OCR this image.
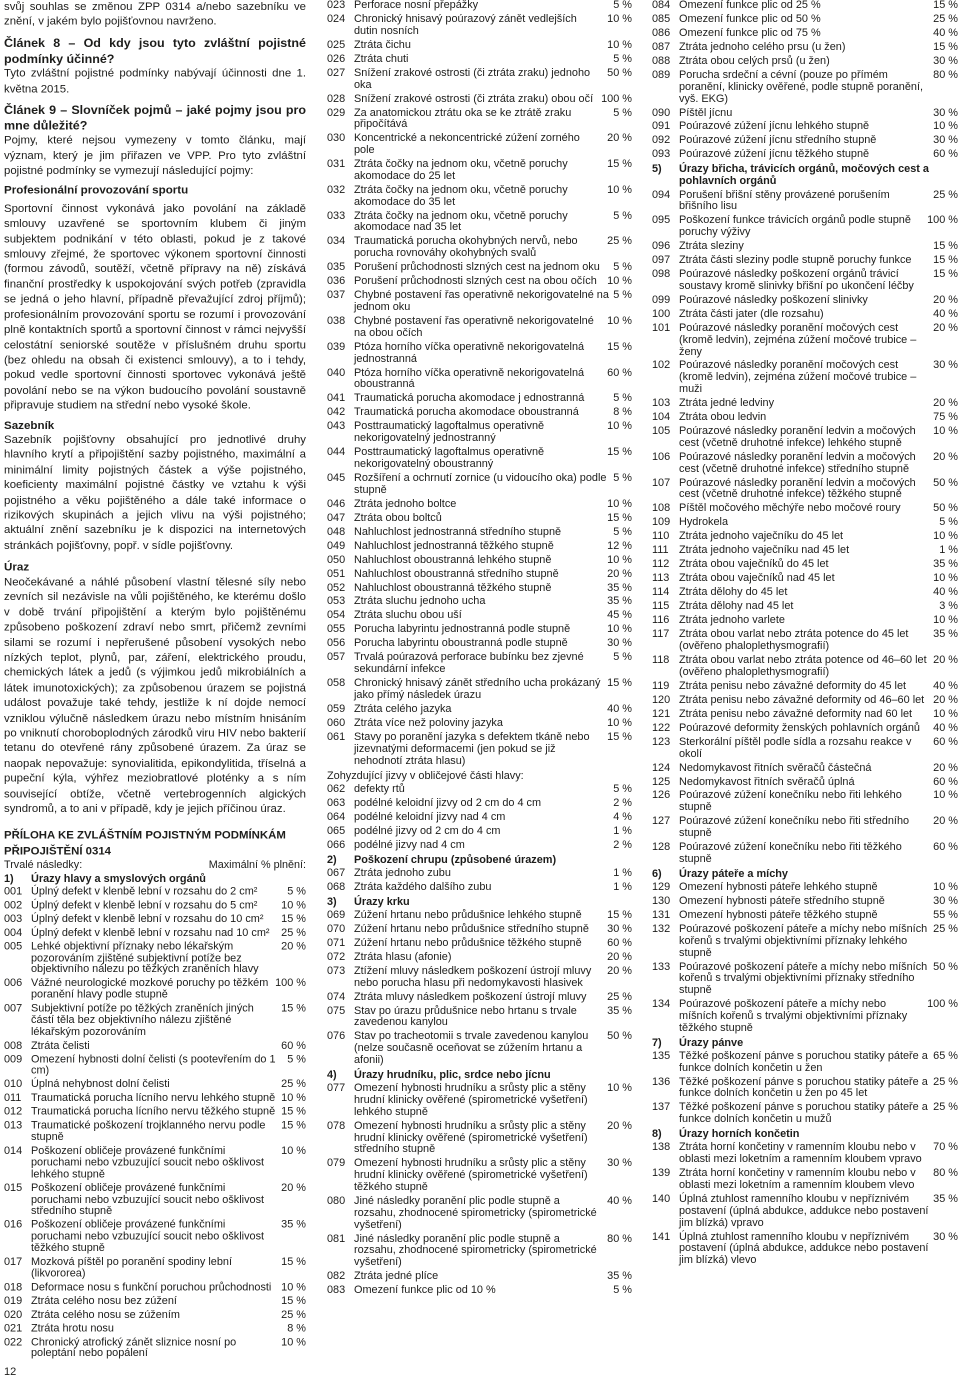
svůj souhlas se změnou ZPP 0314 a/nebo sazebníku ve znění, v jakém bylo pojišťovnou navrženo.

Článek 8 – Od kdy jsou tyto zvláštní pojistné podmínky účinné?

Tyto zvláštní pojistné podmínky nabývají účinnosti dne 1. května 2015.

Článek 9 – Slovníček pojmů – jaké pojmy jsou pro mne důležité?

Pojmy, které nejsou vymezeny v tomto článku, mají význam, který je jim přiřazen ve VPP. Pro tyto zvláštní pojistné podmínky se vymezují následující pojmy:

Profesionální provozování sportu

Sportovní činnost vykonává jako povolání na základě smlouvy uzavřené se sportovním klubem či jiným subjektem podnikání v této oblasti, pokud je z takové smlouvy zřejmé, že sportovec výkonem sportovní činnosti (formou závodů, soutěží, včetně přípravy na ně) získává finanční prostředky k uspokojování svých potřeb (zpravidla se jedná o jeho hlavní, případně převažující zdroj příjmů); profesionálním provozování sportu se rozumí i provozování plně kontaktních sportů a sportovní činnost v rámci nejvyšší celostátní seniorské soutěže v příslušném druhu sportu (bez ohledu na obsah či existenci smlouvy), a to i tehdy, pokud vedle sportovní činnosti sportovec vykonává ještě povolání nebo se na výkon budoucího povolání soustavně připravuje studiem na střední nebo vysoké škole.

Sazebník

Sazebník pojišťovny obsahující pro jednotlivé druhy hlavního krytí a připojištění sazby pojistného, maximální a minimální limity pojistných částek a výše pojistného, koeficienty maximální pojistné částky ve vztahu k výši pojistného a věku pojištěného a dále také informace o rizikových skupinách a jejich vlivu na výši pojistného; aktuální znění sazebníku je k dispozici na internetových stránkách pojišťovny, popř. v sídle pojišťovny.

Úraz

Neočekávané a náhlé působení vlastní tělesné síly nebo zevních sil nezávisle na vůli pojištěného, ke kterému došlo v době trvání připojištění a kterým bylo pojištěnému způsobeno poškození zdraví nebo smrt, přičemž zevními silami se rozumí i nepřerušené působení vysokých nebo nízkých teplot, plynů, par, záření, elektrického proudu, chemických látek a jedů (s výjimkou jedů mikrobiálních a látek imunotoxických); za způsobenou úrazem se pojistná událost považuje také tehdy, jestliže k ní dojde nemocí vzniklou výlučně následkem úrazu nebo místním hnisáním po vniknutí choroboplodných zárodků viru HIV nebo bakterií tetanu do otevřené rány způsobené úrazem. Za úraz se naopak nepovažuje: synovialitida, epikondylitida, tříselná a pupeční kýla, výhřez meziobratlové ploténky a s ním související obtíže, včetně vertebrogenních algických syndromů, a to ani v případě, kdy je jejich příčinou úraz.

PŘÍLOHA KE ZVLÁŠTNÍM POJISTNÝM PODMÍNKÁM

PŘIPOJIŠTĚNÍ 0314

Trvalé následky:	Maximální % plnění:
1)	Úrazy hlavy a smyslových orgánů
001 Úplný defekt v klenbě lební v rozsahu do 2 cm²	5 %
002 Úplný defekt v klenbě lební v rozsahu do 5 cm²	10 %
003 Úplný defekt v klenbě lební v rozsahu do 10 cm²	15 %
004 Úplný defekt v klenbě lební v rozsahu nad 10 cm²	25 %
005 Lehké objektivní příznaky nebo lékařským pozorováním zjištěné subjektivní potíže bez objektivního nálezu po těžkých zraněních hlavy
20 %
006 Vážné neurologické mozkové poruchy po těžkém poranění hlavy podle stupně
100 %
007 Subjektivní potíže po těžkých zraněních jiných částí těla bez objektivního nálezu zjištěné lékařským pozorováním
15 %
008 Ztráta čelisti	60 %
009 Omezení hybnosti dolní čelisti (s pootevřením do 1 cm)
5 %
010 Úplná nehybnost dolní čelisti	25 %
011 Traumatická porucha lícního nervu lehkého stupně 10 %
012 Traumatická porucha lícního nervu těžkého stupně 15 %
013 Traumatické poškození trojklanného nervu podle stupně
15 %
014 Poškození obličeje provázené funkčními poruchami nebo vzbuzující soucit nebo ošklivost lehkého stupně
10 %
015 Poškození obličeje provázené funkčními poruchami nebo vzbuzující soucit nebo ošklivost středního stupně
20 %
016 Poškození obličeje provázené funkčními poruchami nebo vzbuzující soucit nebo ošklivost těžkého stupně
35 %
017 Mozková píštěl po poranění spodiny lební (likvororea)
15 %
018 Deformace nosu s funkční poruchou průchodnosti 10 %
019 Ztráta celého nosu bez zúžení	15 %
020 Ztráta celého nosu se zúžením	25 %
021 Ztráta hrotu nosu	8 %
022 Chronický atrofický zánět sliznice nosní po poleptání nebo popálení
10 %
023 Perforace nosní přepážky	5 %
024 Chronický hnisavý poúrazový zánět vedlejších dutin nosních
10 %
025 Ztráta čichu	10 %
026 Ztráta chuti	5 %
027 Snížení zrakové ostrosti (či ztráta zraku) jednoho oka
50 %
028 Snížení zrakové ostrosti (či ztráta zraku) obou očí 100 %
029 Za anatomickou ztrátu oka se ke ztrátě zraku připočítává
5 %
030 Koncentrické a nekoncentrické zúžení zorného pole
20 %
031 Ztráta čočky na jednom oku, včetně poruchy akomodace do 25 let
15 %
032 Ztráta čočky na jednom oku, včetně poruchy akomodace do 35 let
10 %
033 Ztráta čočky na jednom oku, včetně poruchy akomodace nad 35 let
5 %
034 Traumatická porucha okohybných nervů, nebo porucha rovnováhy okohybných svalů
25 %
035 Porušení průchodnosti slzných cest na jednom oku	5 %
036 Porušení průchodnosti slzných cest na obou očích 10 %
037 Chybné postavení řas operativně nekorigovatelné na jednom oku
5 %
038 Chybné postavení řas operativně nekorigovatelné na obou očích
10 %
039 Ptóza horního víčka operativně nekorigovatelná jednostranná
15 %
040 Ptóza horního víčka operativně nekorigovatelná oboustranná
60 %
041 Traumatická porucha akomodace j ednostranná	5 %
042 Traumatická porucha akomodace oboustranná	8 %
043 Posttraumatický lagoftalmus operativně nekorigovatelný jednostranný
10 %
044 Posttraumatický lagoftalmus operativně nekorigovatelný oboustranný
15 %
045 Rozšíření a ochrnutí zornice (u vidoucího oka) podle stupně
5 %
046 Ztráta jednoho boltce	10 %
047 Ztráta obou boltců	15 %
048 Nahluchlost jednostranná středního stupně	5 %
049 Nahluchlost jednostranná těžkého stupně	12 %
050 Nahluchlost oboustranná lehkého stupně	10 %
051 Nahluchlost oboustranná středního stupně	20 %
052 Nahluchlost oboustranná těžkého stupně	35 %
053 Ztráta sluchu jednoho ucha	35 %
054 Ztráta sluchu obou uší	45 %
055 Porucha labyrintu jednostranná podle stupně	10 %
056 Porucha labyrintu oboustranná podle stupně	30 %
057 Trvalá poúrazová perforace bubínku bez zjevné sekundární infekce
5 %
058 Chronický hnisavý zánět středního ucha prokázaný jako přímý následek úrazu
15 %
059 Ztráta celého jazyka	40 %
060 Ztráta více než poloviny jazyka	10 %
061 Stavy po poranění jazyka s defektem tkáně nebo jizevnatými deformacemi (jen pokud se již nehodnotí ztráta hlasu)
15 %
Zohyzdující jizvy v obličejové části hlavy:
062 defekty rtů	5 %
063 podélné keloidní jizvy od 2 cm do 4 cm	2 %
064 podélné keloidní jizvy nad 4 cm	4 %
065 podélné jizvy od 2 cm do 4 cm	1 %
066 podélné jizvy nad 4 cm	2 %
2)	Poškození chrupu (způsobené úrazem)
067 Ztráta jednoho zubu	1 %
068 Ztráta každého dalšího zubu	1 %
3)	Úrazy krku
069 Zúžení hrtanu nebo průdušnice lehkého stupně	15 %
070 Zúžení hrtanu nebo průdušnice středního stupně	30 %
071 Zúžení hrtanu nebo průdušnice těžkého stupně	60 %
072 Ztráta hlasu (afonie)	20 %
073 Ztížení mluvy následkem poškození ústrojí mluvy nebo porucha hlasu při nedomykavosti hlasivek
20 %
074 Ztráta mluvy následkem poškození ústrojí mluvy	25 %
075 Stav po úrazu průdušnice nebo hrtanu s trvale zavedenou kanylou
35 %
076 Stav po tracheotomii s trvale zavedenou kanylou (nelze současně oceňovat se zúžením hrtanu a afonii)
50 %
4)	Úrazy hrudníku, plic, srdce nebo jícnu
077 Omezení hybnosti hrudníku a srůsty plic a stěny hrudní klinicky ověřené (spirometrické vyšetření) lehkého stupně
10 %
078 Omezení hybnosti hrudníku a srůsty plic a stěny hrudní klinicky ověřené (spirometrické vyšetření) středního stupně
20 %
079 Omezení hybnosti hrudníku a srůsty plic a stěny hrudní klinicky ověřené (spirometrické vyšetření) těžkého stupně
30 %
080 Jiné následky poranění plic podle stupně a rozsahu, zhodnocené spirometricky (spirometrické vyšetření)
40 %
081 Jiné následky poranění plic podle stupně a rozsahu, zhodnocené spirometricky (spirometrické vyšetření)
80 %
082 Ztráta jedné plíce	35 %
083 Omezení funkce plic od 10 %	5 %
084 Omezení funkce plic od 25 %	15 %
085 Omezení funkce plic od 50 %	25 %
086 Omezení funkce plic od 75 %	40 %
087 Ztráta jednoho celého prsu (u žen)	15 %
088 Ztráta obou celých prsů (u žen)	30 %
089 Porucha srdeční a cévní (pouze po přímém poranění, klinicky ověřené, podle stupně poranění, vyš. EKG)
80 %
090 Píštěl jícnu	30 %
091 Poúrazové zúžení jícnu lehkého stupně	10 %
092 Poúrazové zúžení jícnu středního stupně	30 %
093 Poúrazové zúžení jícnu těžkého stupně	60 %
5)	Úrazy břicha, trávicích orgánů, močových cest a pohlavních orgánů
094 Porušení břišní stěny provázené porušením břišního lisu
25 %
095 Poškození funkce trávicích orgánů podle stupně poruchy výživy
100 %
096 Ztráta sleziny	15 %
097 Ztráta části sleziny podle stupně poruchy funkce	15 %
098 Poúrazové následky poškození orgánů trávicí soustavy kromě slinivky břišní po ukončení léčby
15 %
099 Poúrazové následky poškození slinivky	20 %
100 Ztráta části jater (dle rozsahu)	40 %
101 Poúrazové následky poranění močových cest (kromě ledvin), zejména zúžení močové trubice – ženy
20 %
102 Poúrazové následky poranění močových cest (kromě ledvin), zejména zúžení močové trubice – muži
30 %
103 Ztráta jedné ledviny	20 %
104 Ztráta obou ledvin	75 %
105 Poúrazové následky poranění ledvin a močových cest (včetně druhotné infekce) lehkého stupně
10 %
106 Poúrazové následky poranění ledvin a močových cest (včetně druhotné infekce) středního stupně
20 %
107 Poúrazové následky poranění ledvin a močových cest (včetně druhotné infekce) těžkého stupně
50 %
108 Píštěl močového měchýře nebo močové roury	50 %
109 Hydrokela	5 %
110 Ztráta jednoho vaječníku do 45 let	10 %
111 Ztráta jednoho vaječníku nad 45 let	1 %
112 Ztráta obou vaječníků do 45 let	35 %
113 Ztráta obou vaječníků nad 45 let	10 %
114 Ztráta dělohy do 45 let	40 %
115 Ztráta dělohy nad 45 let	3 %
116 Ztráta jednoho varlete	10 %
117 Ztráta obou varlat nebo ztráta potence do 45 let (ověřeno phaloplethysmografií)
35 %
118 Ztráta obou varlat nebo ztráta potence od 46–60 let (ověřeno phaloplethysmografií)
20 %
119 Ztráta penisu nebo závažné deformity do 45 let	40 %
120 Ztráta penisu nebo závažné deformity od 46–60 let 20 %
121 Ztráta penisu nebo závažné deformity nad 60 let	10 %
122 Poúrazové deformity ženských pohlavních orgánů	40 %
123 Sterkorální píštěl podle sídla a rozsahu reakce v okolí
60 %
124 Nedomykavost řitních svěračů částečná	20 %
125 Nedomykavost řitních svěračů úplná	60 %
126 Poúrazové zúžení konečníku nebo řiti lehkého stupně
10 %
127 Poúrazové zúžení konečníku nebo řiti středního stupně
20 %
128 Poúrazové zúžení konečníku nebo řiti těžkého stupně
60 %
6)	Úrazy páteře a míchy
129 Omezení hybnosti páteře lehkého stupně	10 %
130 Omezení hybnosti páteře středního stupně	30 %
131 Omezení hybnosti páteře těžkého stupně	55 %
132 Poúrazové poškození páteře a míchy nebo míšních kořenů s trvalými objektivními příznaky lehkého stupně
25 %
133 Poúrazové poškození páteře a míchy nebo míšních kořenů s trvalými objektivními příznaky středního stupně
50 %
134 Poúrazové poškození páteře a míchy nebo míšních kořenů s trvalými objektivními příznaky těžkého stupně
100 %
7)	Úrazy pánve
135 Těžké poškození pánve s poruchou statiky páteře a funkce dolních končetin u žen
65 %
136 Těžké poškození pánve s poruchou statiky páteře a funkce dolních končetin u žen po 45 let
25 %
137 Těžké poškození pánve s poruchou statiky páteře a funkce dolních končetin u mužů
25 %
8)	Úrazy horních končetin
138 Ztráta horní končetiny v ramenním kloubu nebo v oblasti mezi loketním a ramenním kloubem vpravo
70 %
139 Ztráta horní končetiny v ramenním kloubu nebo v oblasti mezi loketním a ramenním kloubem vlevo
80 %
140 Úplná ztuhlost ramenního kloubu v nepříznivém postavení (úplná abdukce, addukce nebo postavení jim blízká) vpravo
35 %
141 Úplná ztuhlost ramenního kloubu v nepříznivém postavení (úplná abdukce, addukce nebo postavení jim blízká) vlevo
30 %
12
